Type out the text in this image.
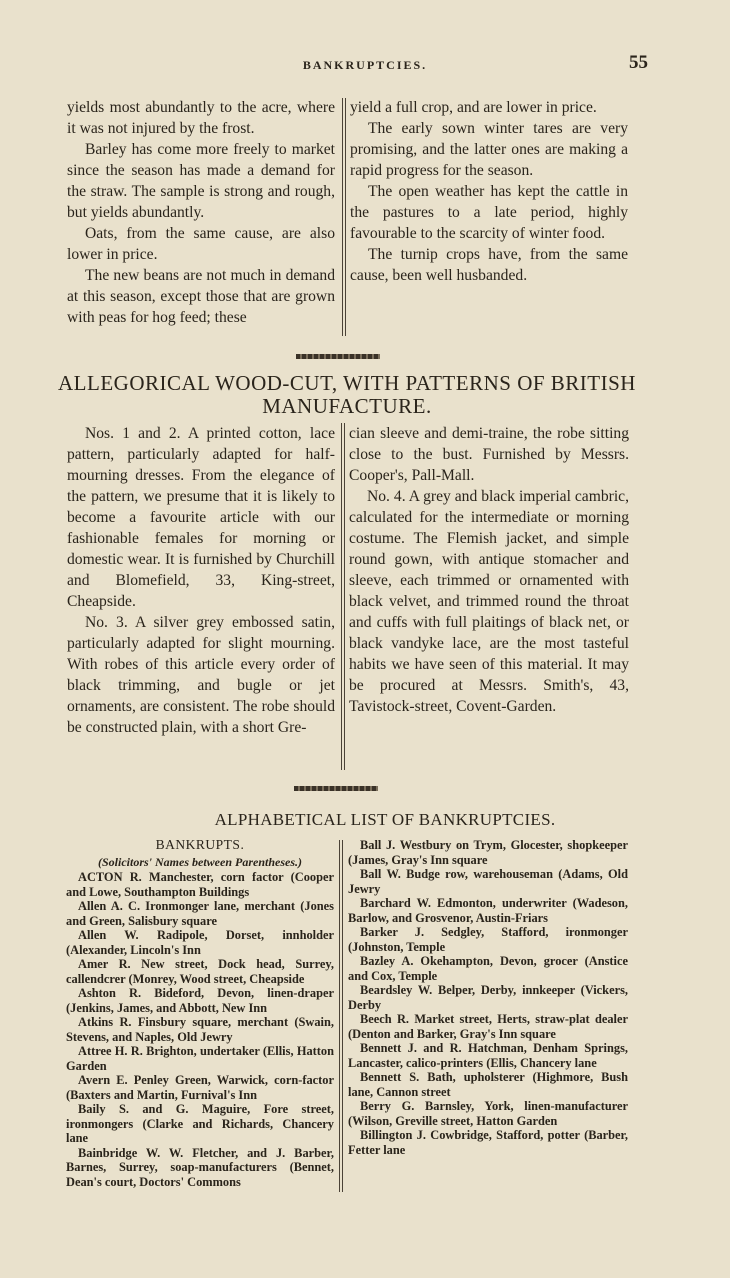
BANKRUPTCIES.	55

yields most abundantly to the acre, where it was not injured by the frost.

Barley has come more freely to market since the season has made a demand for the straw. The sample is strong and rough, but yields abundantly.

Oats, from the same cause, are also lower in price.

The new beans are not much in demand at this season, except those that are grown with peas for hog feed; these

yield a full crop, and are lower in price.

The early sown winter tares are very promising, and the latter ones are making a rapid progress for the season.

The open weather has kept the cattle in the pastures to a late period, highly favourable to the scarcity of winter food.

The turnip crops have, from the same cause, been well husbanded.

ALLEGORICAL WOOD-CUT, WITH PATTERNS OF BRITISH
MANUFACTURE.

Nos. 1 and 2. A printed cotton, lace pattern, particularly adapted for half-mourning dresses. From the elegance of the pattern, we presume that it is likely to become a favourite article with our fashionable females for morning or domestic wear. It is furnished by Churchill and Blomefield, 33, King-street, Cheapside.

No. 3. A silver grey embossed satin, particularly adapted for slight mourning. With robes of this article every order of black trimming, and bugle or jet ornaments, are consistent. The robe should be constructed plain, with a short Gre-

cian sleeve and demi-traine, the robe sitting close to the bust. Furnished by Messrs. Cooper's, Pall-Mall.

No. 4. A grey and black imperial cambric, calculated for the intermediate or morning costume. The Flemish jacket, and simple round gown, with antique stomacher and sleeve, each trimmed or ornamented with black velvet, and trimmed round the throat and cuffs with full plaitings of black net, or black vandyke lace, are the most tasteful habits we have seen of this material. It may be procured at Messrs. Smith's, 43, Tavistock-street, Covent-Garden.

ALPHABETICAL LIST OF BANKRUPTCIES.
BANKRUPTS.
(Solicitors' Names between Parentheses.)

ACTON R. Manchester, corn factor (Cooper and Lowe, Southampton Buildings

Allen A. C. Ironmonger lane, merchant (Jones and Green, Salisbury square

Allen W. Radipole, Dorset, innholder (Alexander, Lincoln's Inn

Amer R. New street, Dock head, Surrey, callendcrer (Monrey, Wood street, Cheapside

Ashton R. Bideford, Devon, linen-draper (Jenkins, James, and Abbott, New Inn

Atkins R. Finsbury square, merchant (Swain, Stevens, and Naples, Old Jewry

Attree H. R. Brighton, undertaker (Ellis, Hatton Garden

Avern E. Penley Green, Warwick, corn-factor (Baxters and Martin, Furnival's Inn

Baily S. and G. Maguire, Fore street, ironmongers (Clarke and Richards, Chancery lane

Bainbridge W. W. Fletcher, and J. Barber, Barnes, Surrey, soap-manufacturers (Bennet, Dean's court, Doctors' Commons

Ball J. Westbury on Trym, Glocester, shopkeeper (James, Gray's Inn square

Ball W. Budge row, warehouseman (Adams, Old Jewry

Barchard W. Edmonton, underwriter (Wadeson, Barlow, and Grosvenor, Austin-Friars

Barker J. Sedgley, Stafford, ironmonger (Johnston, Temple

Bazley A. Okehampton, Devon, grocer (Anstice and Cox, Temple

Beardsley W. Belper, Derby, innkeeper (Vickers, Derby

Beech R. Market street, Herts, straw-plat dealer (Denton and Barker, Gray's Inn square

Bennett J. and R. Hatchman, Denham Springs, Lancaster, calico-printers (Ellis, Chancery lane

Bennett S. Bath, upholsterer (Highmore, Bush lane, Cannon street

Berry G. Barnsley, York, linen-manufacturer (Wilson, Greville street, Hatton Garden

Billington J. Cowbridge, Stafford, potter (Barber, Fetter lane
